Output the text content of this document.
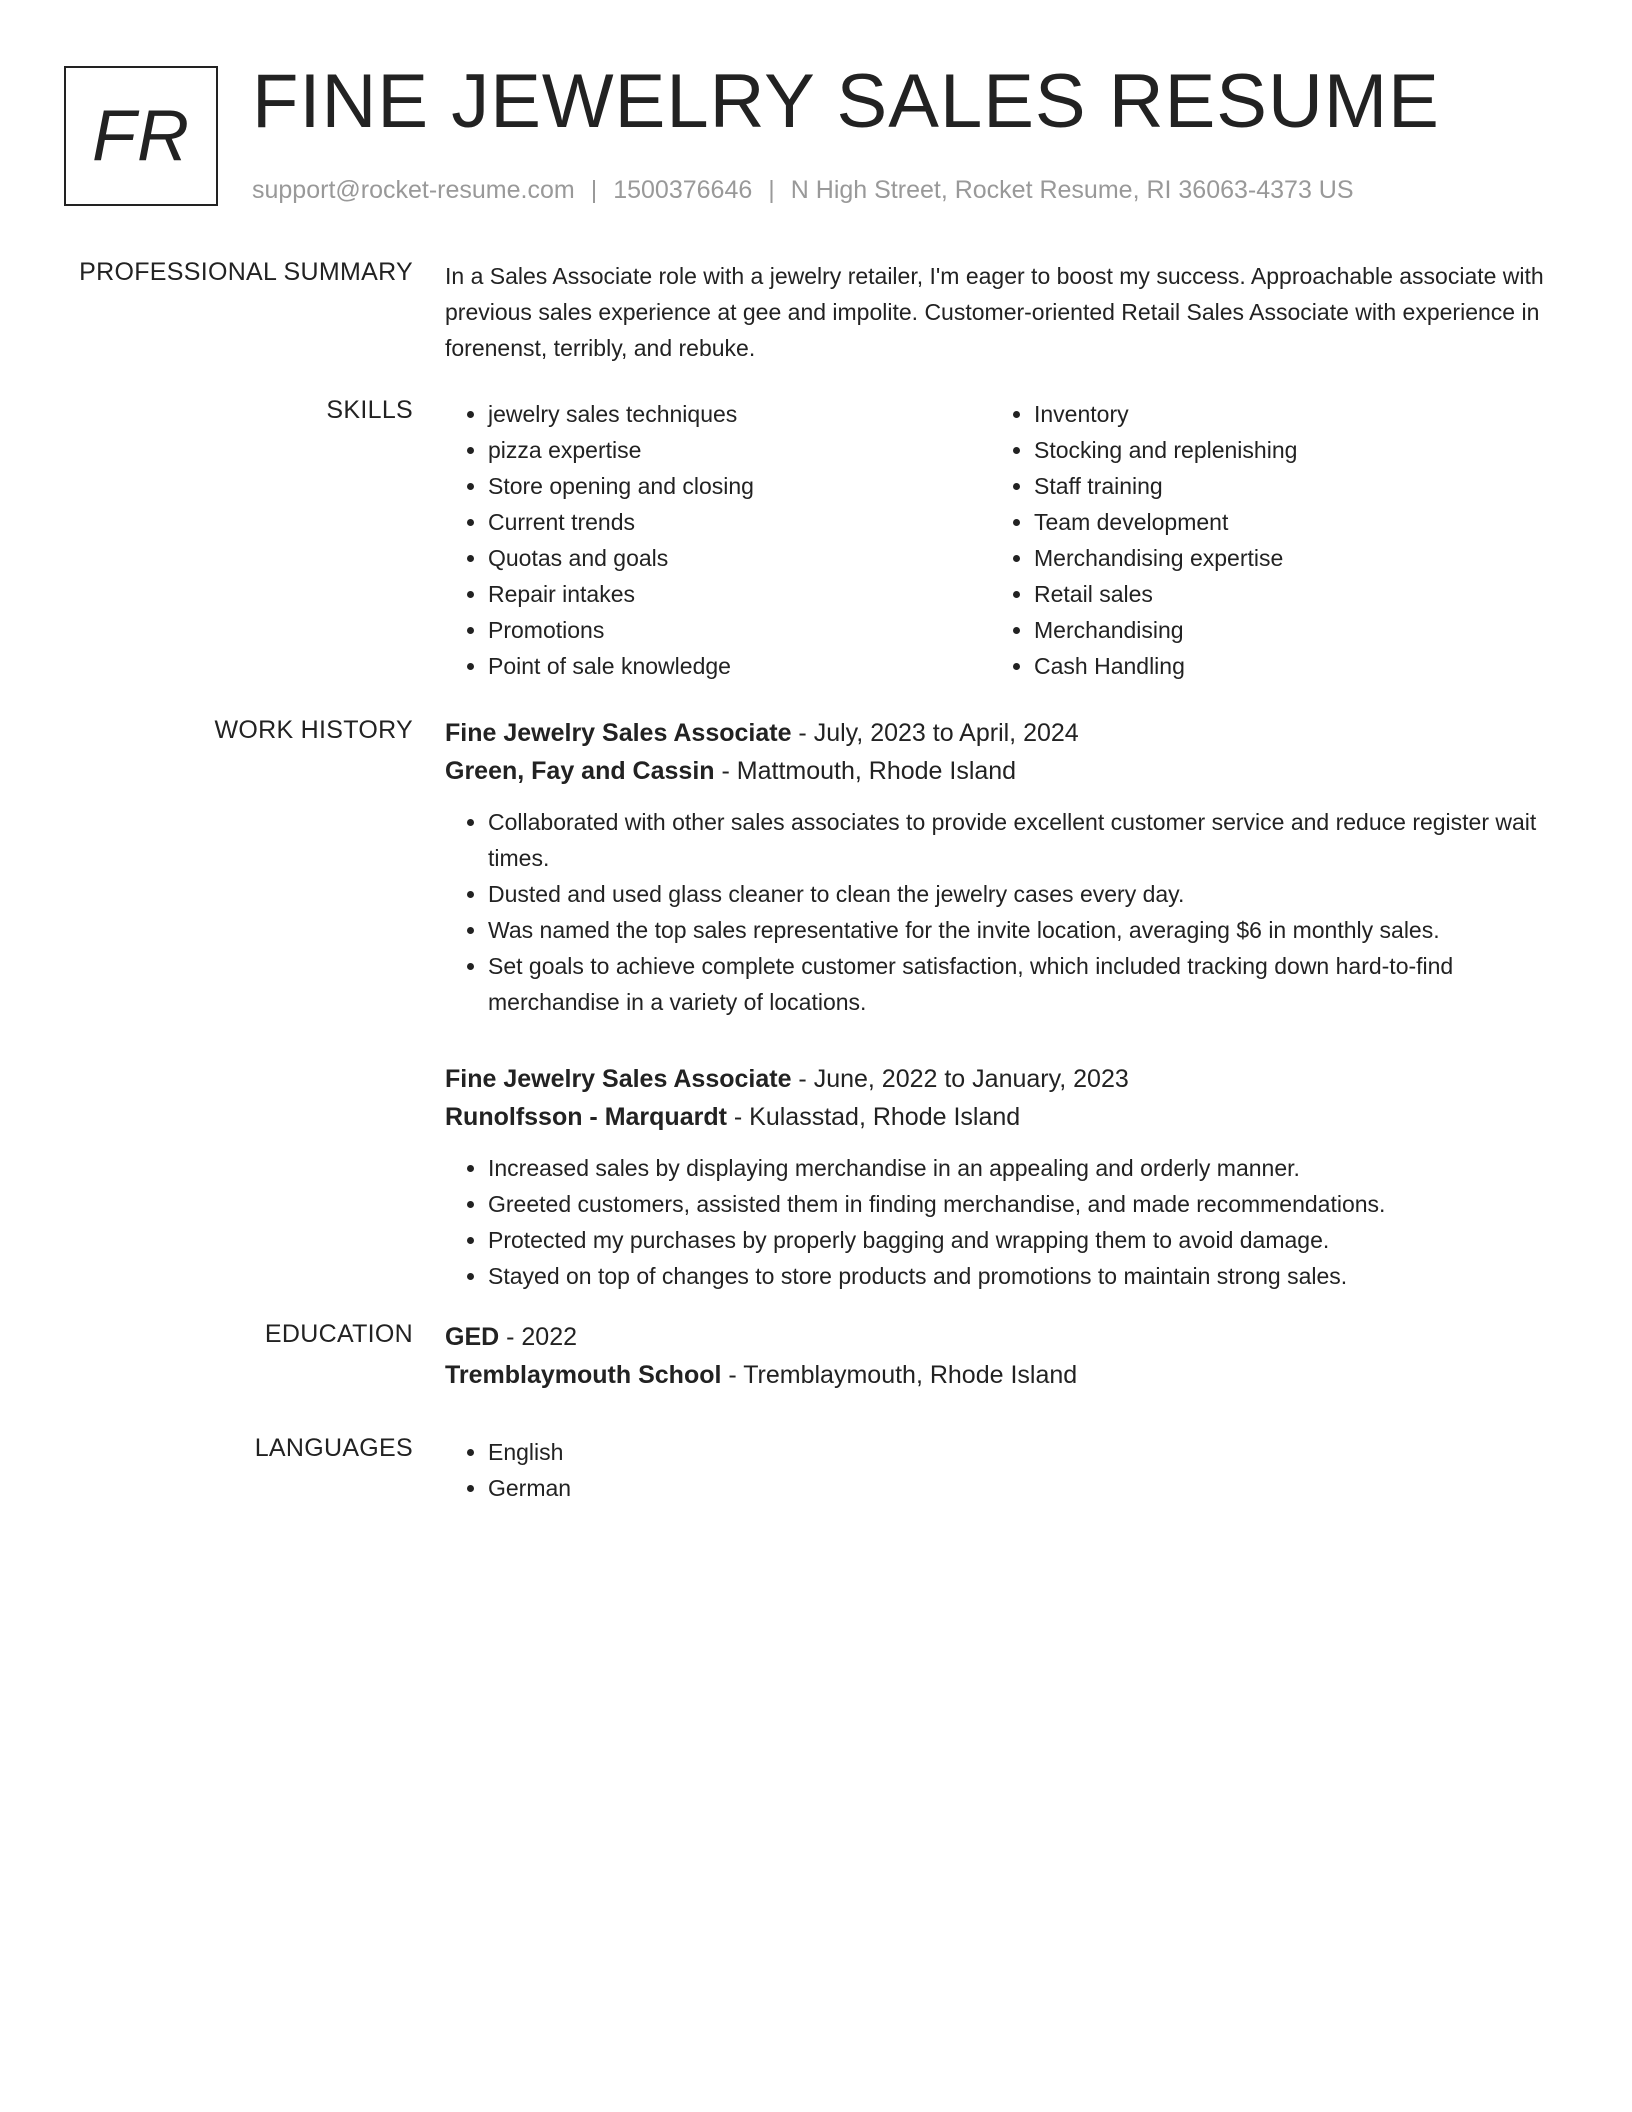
FR FINE JEWELRY SALES RESUME
support@rocket-resume.com | 1500376646 | N High Street, Rocket Resume, RI 36063-4373 US
PROFESSIONAL SUMMARY In a Sales Associate role with a jewelry retailer, I'm eager to boost my success. Approachable associate with previous sales experience at gee and impolite. Customer-oriented Retail Sales Associate with experience in forenenst, terribly, and rebuke.
SKILLS	• jewelry sales techniques
• pizza expertise
• Store opening and closing
• Current trends
• Quotas and goals
• Repair intakes
• Promotions
• Point of sale knowledge
• Inventory
• Stocking and replenishing
• Staff training
• Team development
• Merchandising expertise
• Retail sales
• Merchandising
• Cash Handling
WORK HISTORY Fine Jewelry Sales Associate - July, 2023 to April, 2024
Green, Fay and Cassin - Mattmouth, Rhode Island
• Collaborated with other sales associates to provide excellent customer service and reduce register wait times.
• Dusted and used glass cleaner to clean the jewelry cases every day.
• Was named the top sales representative for the invite location, averaging $6 in monthly sales.
• Set goals to achieve complete customer satisfaction, which included tracking down hard-to-find merchandise in a variety of locations.
Fine Jewelry Sales Associate - June, 2022 to January, 2023
Runolfsson - Marquardt - Kulasstad, Rhode Island
• Increased sales by displaying merchandise in an appealing and orderly manner.
• Greeted customers, assisted them in finding merchandise, and made recommendations.
• Protected my purchases by properly bagging and wrapping them to avoid damage.
• Stayed on top of changes to store products and promotions to maintain strong sales.
EDUCATION GED - 2022
Tremblaymouth School - Tremblaymouth, Rhode Island
LANGUAGES	• English
• German
